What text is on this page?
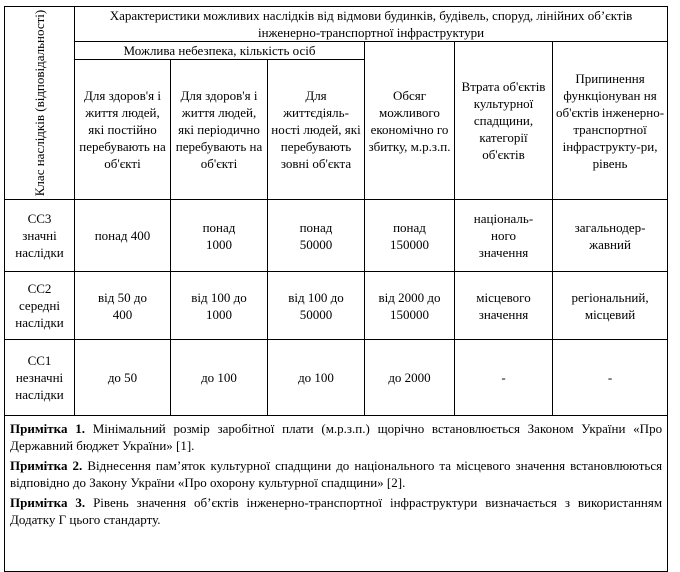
Клас наслідків (відповідальності)	Характеристики можливих наслідків від відмови будинків, будівель, споруд, лінійних об’єктів інженерно-транспортної інфраструктури					
	Можлива небезпека, кількість осіб			Обсяг можливого економічно го збитку, м.р.з.п.	Втрата об'єктів культурної спадщини, категорії об'єктів	Припинення функціонуван ня об'єктів інженерно-транспортної інфраструкту-ри, рівень
	Для здоров'я і життя людей, які постійно перебувають на об'єкті	Для здоров'я і життя людей, які періодично перебувають на об'єкті	Для життєдіяль-ності людей, які перебувають зовні об'єкта			
СС3 значні наслідки	понад 400	понад 1000	понад 50000	понад 150000	національ-ного значення	загальнодер-жавний
СС2 середні наслідки	від 50 до 400	від 100 до 1000	від 100 до 50000	від 2000 до 150000	місцевого значення	регіональний, місцевий
СС1 незначні наслідки	до 50	до 100	до 100	до 2000	-	-

Примітка 1. Мінімальний розмір заробітної плати (м.р.з.п.) щорічно встановлюється Законом України «Про Державний бюджет України» [1].

Примітка 2. Віднесення пам’яток культурної спадщини до національного та місцевого значення встановлюються відповідно до Закону України «Про охорону культурної спадщини» [2].

Примітка 3. Рівень значення об’єктів інженерно-транспортної інфраструктури визначається з використанням Додатку Г цього стандарту.						
